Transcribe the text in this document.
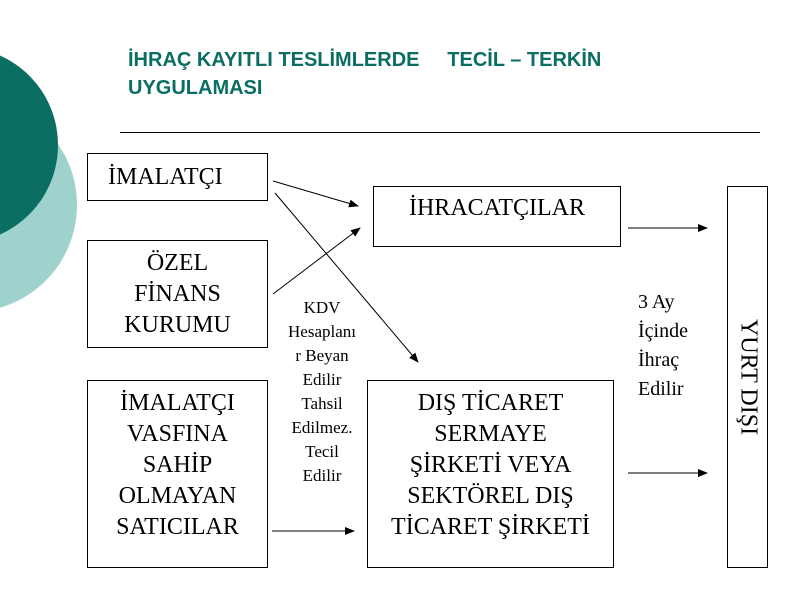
İHRAÇ KAYITLI TESLİMLERDE     TECİL – TERKİN
UYGULAMASI
İMALATÇI
ÖZEL
FİNANS
KURUMU
İMALATÇI
VASFINA
SAHİP
OLMAYAN
SATICILAR
İHRACATÇILAR
DIŞ TİCARET
SERMAYE
ŞİRKETİ VEYA
SEKTÖREL DIŞ
TİCARET ŞİRKETİ

YURT DIŞI

KDV
Hesaplanı
r Beyan
Edilir
Tahsil
Edilmez.
Tecil
Edilir
3 Ay
İçinde
İhraç
Edilir
